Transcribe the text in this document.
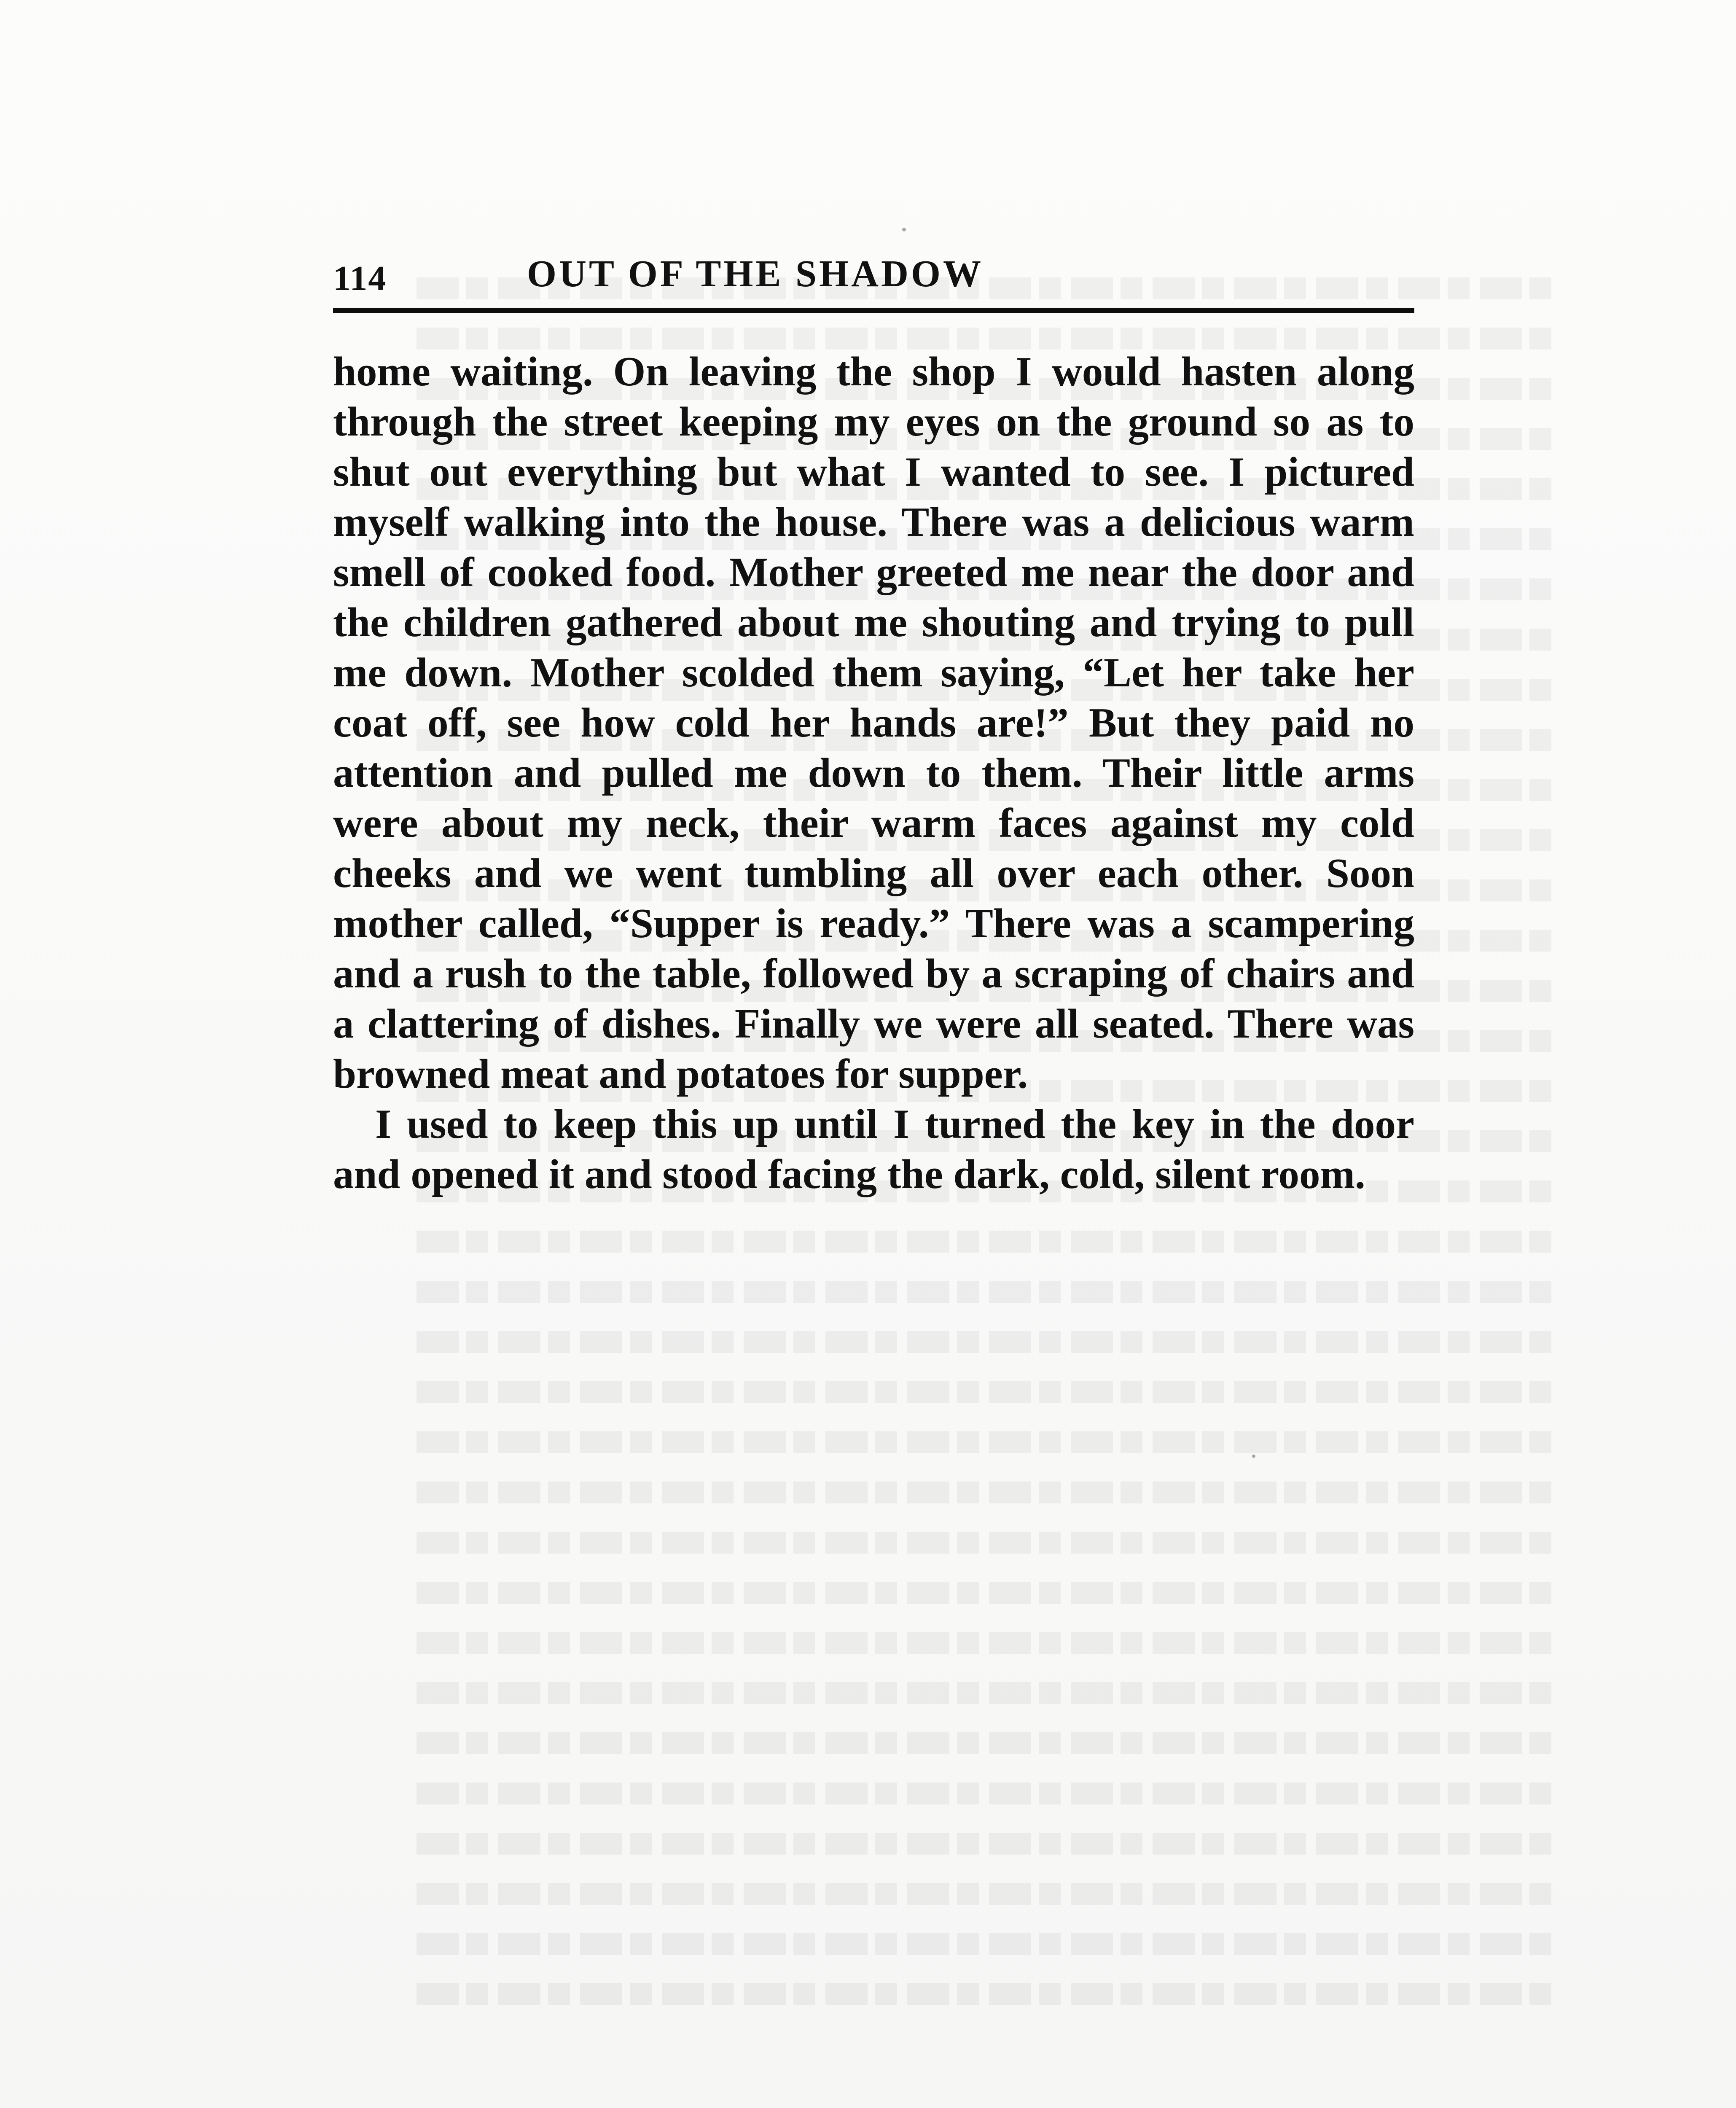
114	OUT OF THE SHADOW

home waiting. On leaving the shop I would hasten along through the street keeping my eyes on the ground so as to shut out everything but what I wanted to see. I pictured myself walking into the house. There was a delicious warm smell of cooked food. Mother greeted me near the door and the children gathered about me shouting and trying to pull me down. Mother scolded them saying, “Let her take her coat off, see how cold her hands are!” But they paid no attention and pulled me down to them. Their little arms were about my neck, their warm faces against my cold cheeks and we went tumbling all over each other. Soon mother called, “Supper is ready.” There was a scampering and a rush to the table, followed by a scraping of chairs and a clattering of dishes. Finally we were all seated. There was browned meat and potatoes for supper.

I used to keep this up until I turned the key in the door and opened it and stood facing the dark, cold, silent room.
